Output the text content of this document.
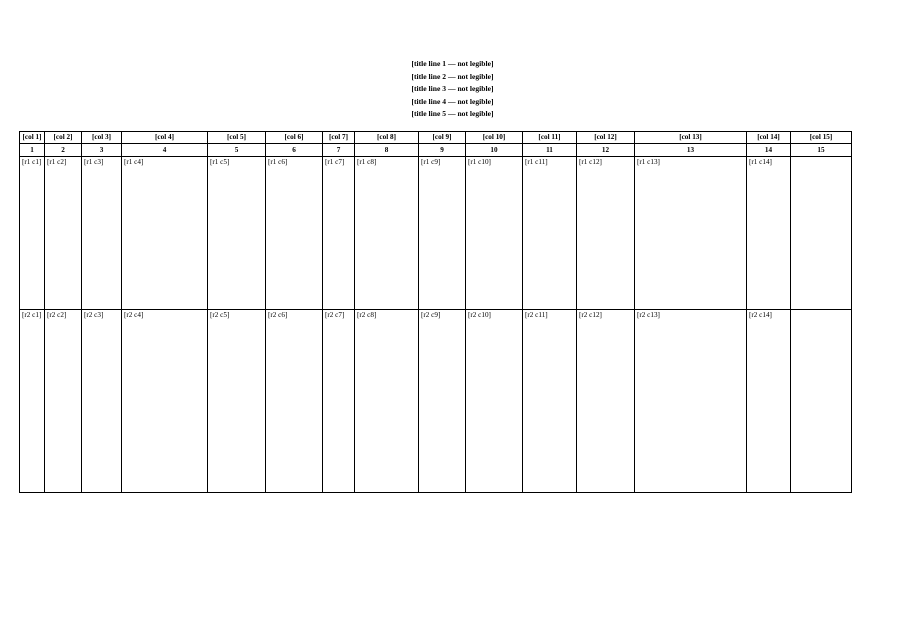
[title line 1 — not legible]
[title line 2 — not legible]
[title line 3 — not legible]
[title line 4 — not legible]
[title line 5 — not legible]
[col 1]	[col 2]	[col 3]	[col 4]	[col 5]	[col 6]	[col 7]	[col 8]	[col 9]	[col 10]	[col 11]	[col 12]	[col 13]	[col 14]	[col 15]
1	2	3	4	5	6	7	8	9	10	11	12	13	14	15
[r1 c1]	[r1 c2]	[r1 c3]	[r1 c4]	[r1 c5]	[r1 c6]	[r1 c7]	[r1 c8]	[r1 c9]	[r1 c10]	[r1 c11]	[r1 c12]	[r1 c13]	[r1 c14]	
[r2 c1]	[r2 c2]	[r2 c3]	[r2 c4]	[r2 c5]	[r2 c6]	[r2 c7]	[r2 c8]	[r2 c9]	[r2 c10]	[r2 c11]	[r2 c12]	[r2 c13]	[r2 c14]	
